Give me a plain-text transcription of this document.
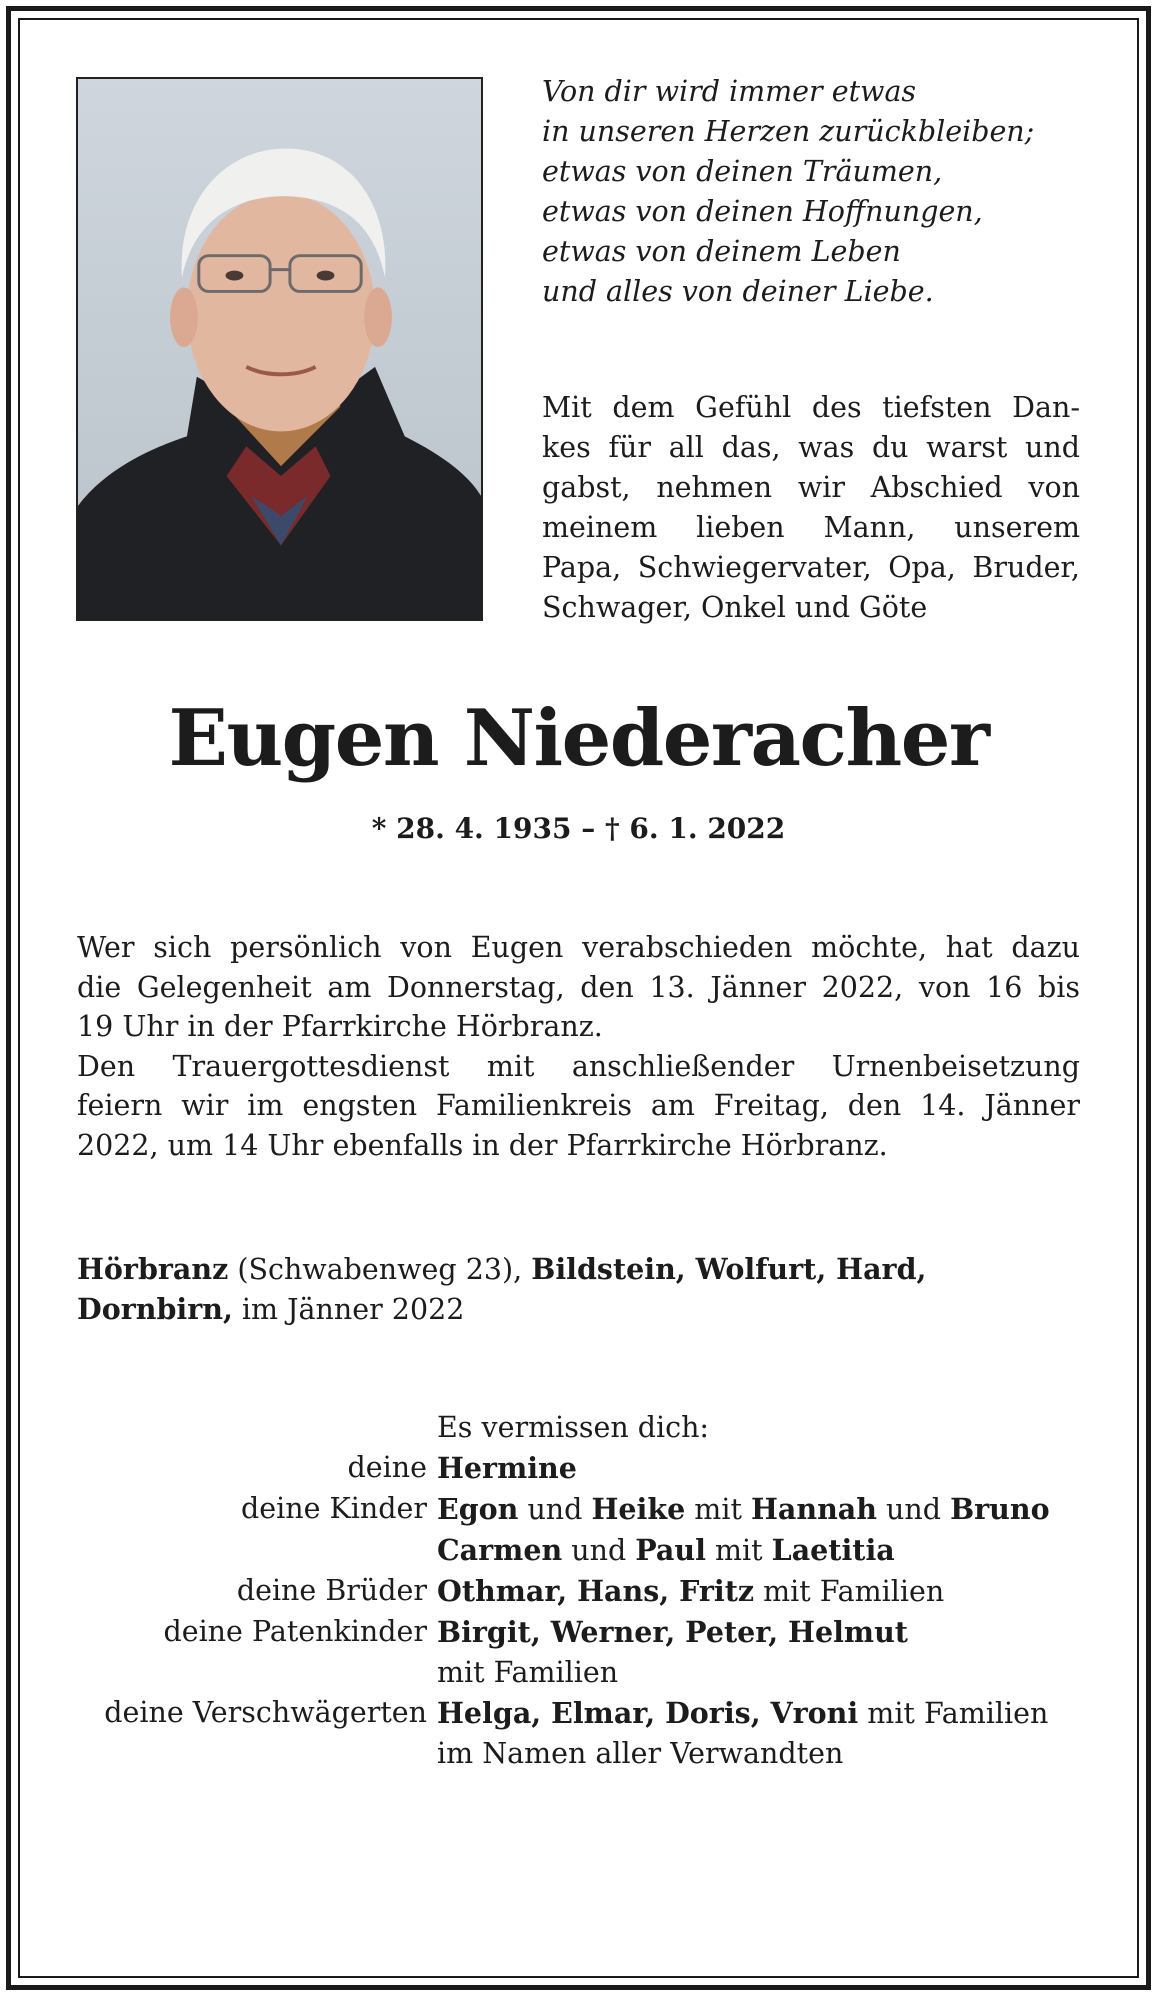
Von dir wird immer etwas
in unseren Herzen zurückbleiben;
etwas von deinen Träumen,
etwas von deinen Hoffnungen,
etwas von deinem Leben
und alles von deiner Liebe.
Mit dem Gefühl des tiefsten Dan-
kes für all das, was du warst und
gabst, nehmen wir Abschied von
meinem lieben Mann, unserem
Papa, Schwiegervater, Opa, Bruder,
Schwager, Onkel und Göte
Eugen Niederacher
* 28. 4. 1935 – † 6. 1. 2022
Wer sich persönlich von Eugen verabschieden möchte, hat dazu
die Gelegenheit am Donnerstag, den 13. Jänner 2022, von 16 bis
19 Uhr in der Pfarrkirche Hörbranz.
Den Trauergottesdienst mit anschließender Urnenbeisetzung
feiern wir im engsten Familienkreis am Freitag, den 14. Jänner
2022, um 14 Uhr ebenfalls in der Pfarrkirche Hörbranz.
Hörbranz (Schwabenweg 23), Bildstein, Wolfurt, Hard,
Dornbirn, im Jänner 2022
Es vermissen dich:
deine Hermine
deine Kinder Egon und Heike mit Hannah und Bruno
Carmen und Paul mit Laetitia
deine Brüder Othmar, Hans, Fritz mit Familien
deine Patenkinder Birgit, Werner, Peter, Helmut
mit Familien
deine Verschwägerten Helga, Elmar, Doris, Vroni mit Familien
im Namen aller Verwandten
